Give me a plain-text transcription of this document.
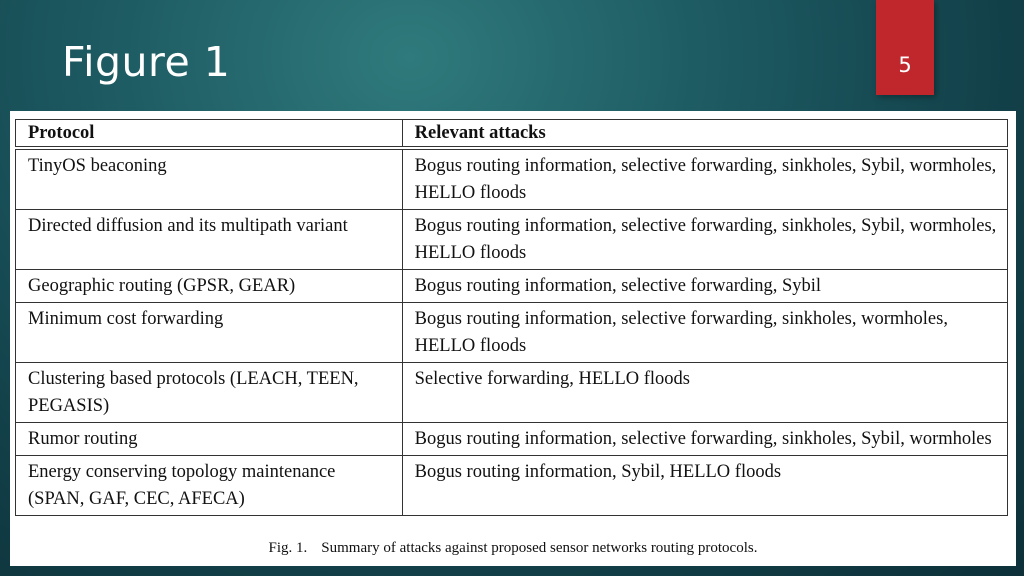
Figure 1	5
Protocol	Relevant attacks

TinyOS beaconing	Bogus routing information, selective forwarding, sinkholes, Sybil, wormholes, HELLO floods
Directed diffusion and its multipath variant	Bogus routing information, selective forwarding, sinkholes, Sybil, wormholes, HELLO floods
Geographic routing (GPSR, GEAR)	Bogus routing information, selective forwarding, Sybil
Minimum cost forwarding	Bogus routing information, selective forwarding, sinkholes, wormholes, HELLO floods
Clustering based protocols (LEACH, TEEN, PEGASIS)	Selective forwarding, HELLO floods
Rumor routing	Bogus routing information, selective forwarding, sinkholes, Sybil, wormholes
Energy conserving topology maintenance (SPAN, GAF, CEC, AFECA)	Bogus routing information, Sybil, HELLO floods
Fig. 1. Summary of attacks against proposed sensor networks routing protocols.
